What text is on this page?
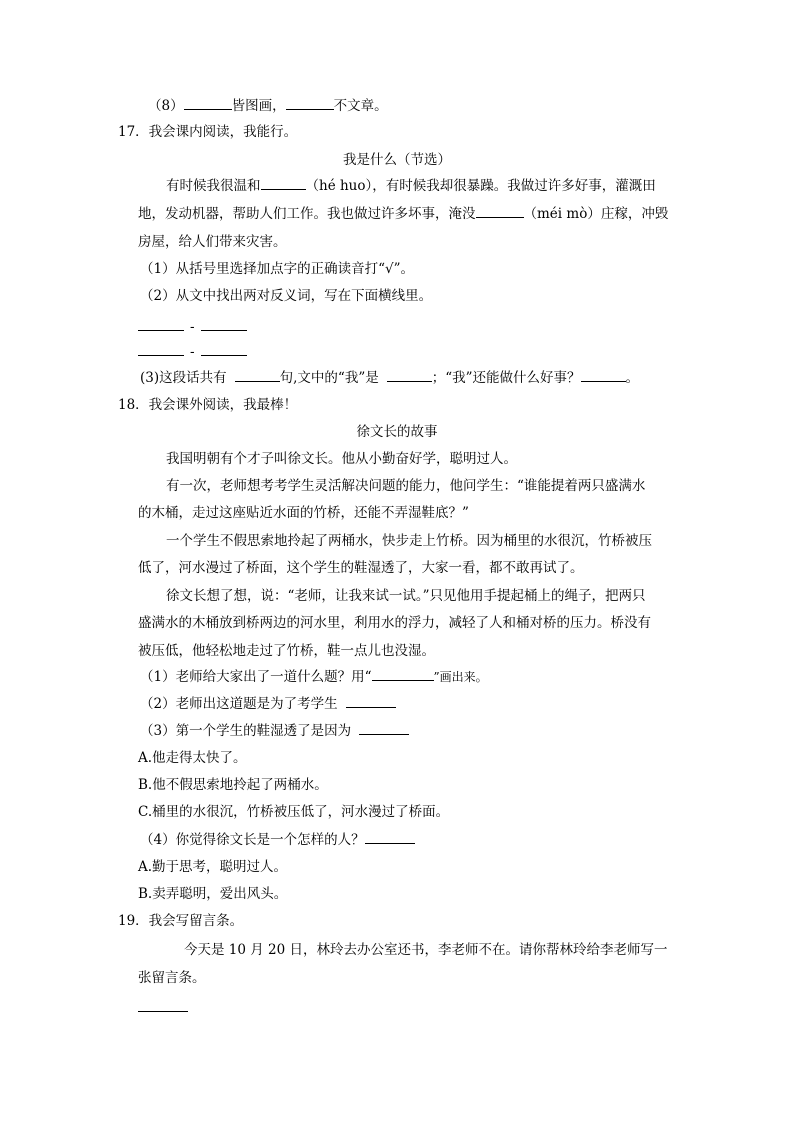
（8）	皆图画，	不文章。
17．我会课内阅读，我能行。
我是什么（节选）
有时候我很温和	（hé huo），有时候我却很暴躁。我做过许多好事，灌溉田
地，发动机器，帮助人们工作。我也做过许多坏事，淹没	（méi mò）庄稼，冲毁
房屋，给人们带来灾害。
（1）从括号里选择加点字的正确读音打“√”。
（2）从文中找出两对反义词，写在下面横线里。
-
-
(3)这段话共有	句,文中的“我”是	；“我”还能做什么好事？	。
18．我会课外阅读，我最棒！
徐文长的故事
我国明朝有个才子叫徐文长。他从小勤奋好学，聪明过人。
有一次，老师想考考学生灵活解决问题的能力，他问学生：“谁能提着两只盛满水
的木桶，走过这座贴近水面的竹桥，还能不弄湿鞋底？”
一个学生不假思索地拎起了两桶水，快步走上竹桥。因为桶里的水很沉，竹桥被压
低了，河水漫过了桥面，这个学生的鞋湿透了，大家一看，都不敢再试了。
徐文长想了想，说：“老师，让我来试一试。”只见他用手提起桶上的绳子，把两只
盛满水的木桶放到桥两边的河水里，利用水的浮力，减轻了人和桶对桥的压力。桥没有
被压低，他轻松地走过了竹桥，鞋一点儿也没湿。
（1）老师给大家出了一道什么题？用“	”画出来。
（2）老师出这道题是为了考学生
（3）第一个学生的鞋湿透了是因为
A.他走得太快了。
B.他不假思索地拎起了两桶水。
C.桶里的水很沉，竹桥被压低了，河水漫过了桥面。
（4）你觉得徐文长是一个怎样的人？
A.勤于思考，聪明过人。
B.卖弄聪明，爱出风头。
19．我会写留言条。
今天是 10 月 20 日，林玲去办公室还书，李老师不在。请你帮林玲给李老师写一
张留言条。
